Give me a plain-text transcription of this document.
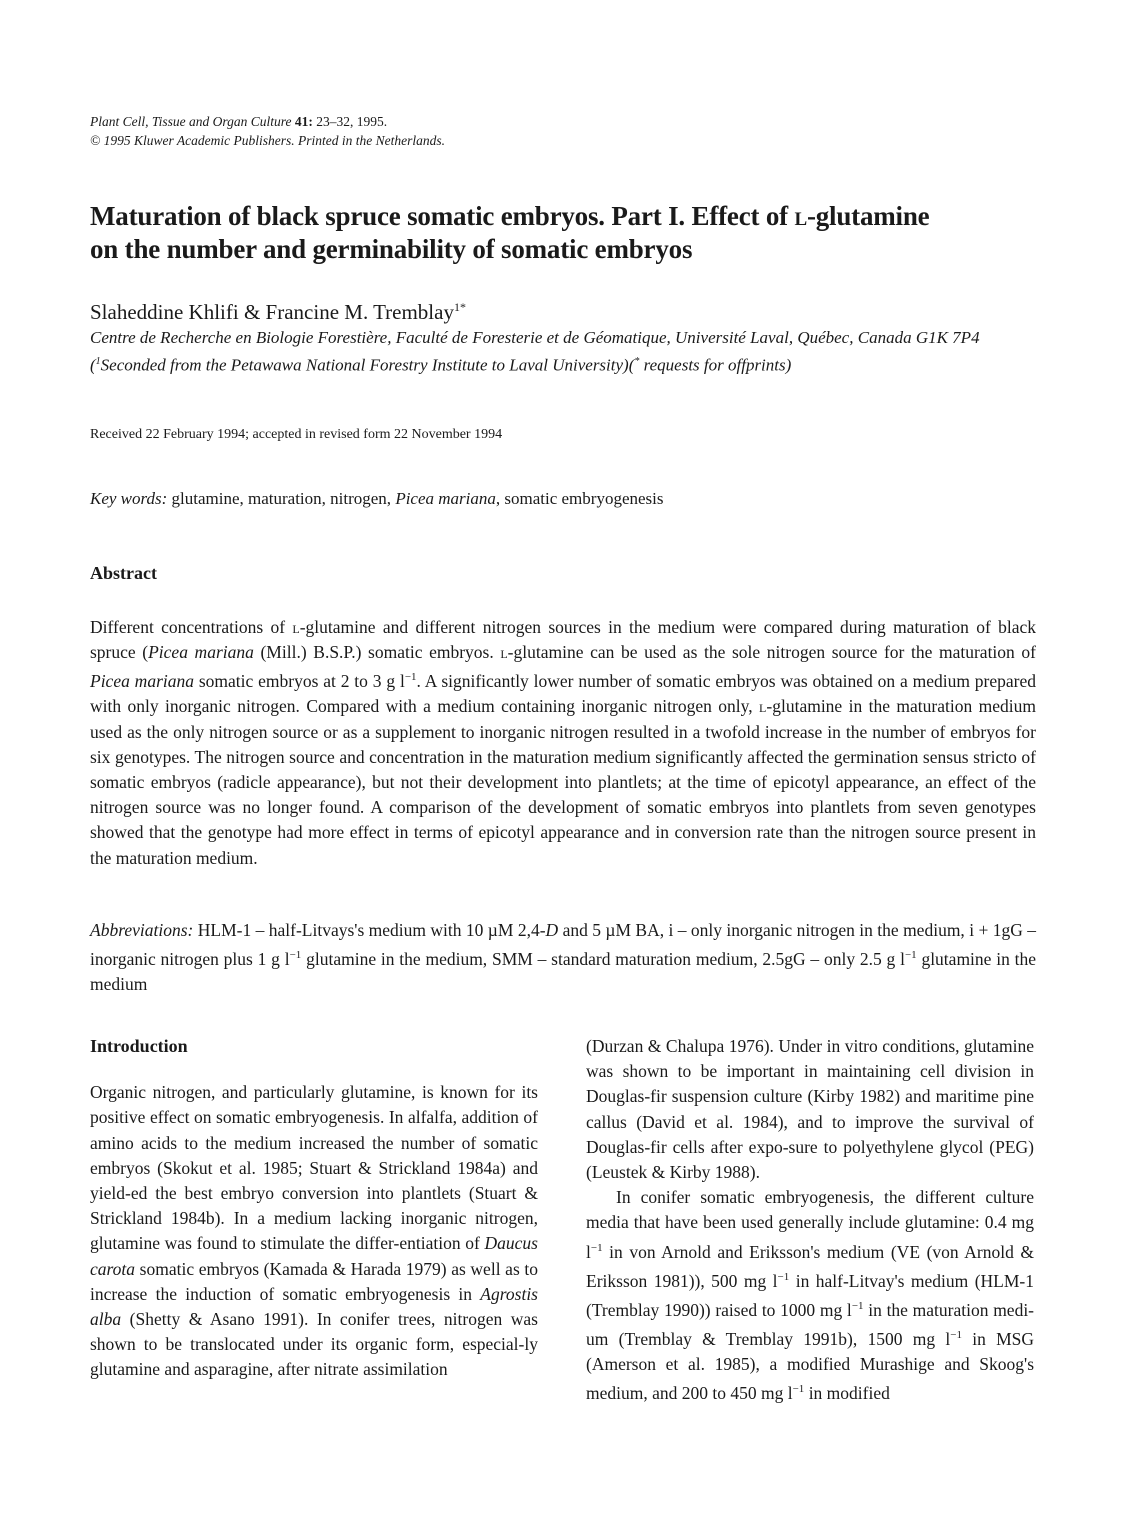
Plant Cell, Tissue and Organ Culture 41: 23–32, 1995.
© 1995 Kluwer Academic Publishers. Printed in the Netherlands.
Maturation of black spruce somatic embryos. Part I. Effect of l-glutamine
on the number and germinability of somatic embryos
Slaheddine Khlifi & Francine M. Tremblay$^{1*}$
Centre de Recherche en Biologie Forestière, Faculté de Foresterie et de Géomatique, Université Laval, Québec, Canada G1K 7P4 ($^1$Seconded from the Petawawa National Forestry Institute to Laval University)(* requests for offprints)
Received 22 February 1994; accepted in revised form 22 November 1994
Key words: glutamine, maturation, nitrogen, Picea mariana, somatic embryogenesis
Abstract
Different concentrations of l-glutamine and different nitrogen sources in the medium were compared during maturation of black spruce (Picea mariana (Mill.) B.S.P.) somatic embryos. l-glutamine can be used as the sole nitrogen source for the maturation of Picea mariana somatic embryos at 2 to 3 g $l^{-1}$. A significantly lower number of somatic embryos was obtained on a medium prepared with only inorganic nitrogen. Compared with a medium containing inorganic nitrogen only, l-glutamine in the maturation medium used as the only nitrogen source or as a supplement to inorganic nitrogen resulted in a twofold increase in the number of embryos for six genotypes. The nitrogen source and concentration in the maturation medium significantly affected the germination sensus stricto of somatic embryos (radicle appearance), but not their development into plantlets; at the time of epicotyl appearance, an effect of the nitrogen source was no longer found. A comparison of the development of somatic embryos into plantlets from seven genotypes showed that the genotype had more effect in terms of epicotyl appearance and in conversion rate than the nitrogen source present in the maturation medium.
Abbreviations: HLM-1 – half-Litvays's medium with 10 µM 2,4-D and 5 µM BA, i – only inorganic nitrogen in the medium, i + 1gG – inorganic nitrogen plus 1 g $l^{-1}$ glutamine in the medium, SMM – standard maturation medium, 2.5gG – only 2.5 g $l^{-1}$ glutamine in the medium
Introduction

Organic nitrogen, and particularly glutamine, is known for its positive effect on somatic embryogenesis. In alfalfa, addition of amino acids to the medium increased the number of somatic embryos (Skokut et al. 1985; Stuart & Strickland 1984a) and yield-ed the best embryo conversion into plantlets (Stuart & Strickland 1984b). In a medium lacking inorganic nitrogen, glutamine was found to stimulate the differ-entiation of Daucus carota somatic embryos (Kamada & Harada 1979) as well as to increase the induction of somatic embryogenesis in Agrostis alba (Shetty & Asano 1991). In conifer trees, nitrogen was shown to be translocated under its organic form, especial-ly glutamine and asparagine, after nitrate assimilation

(Durzan & Chalupa 1976). Under in vitro conditions, glutamine was shown to be important in maintaining cell division in Douglas-fir suspension culture (Kirby 1982) and maritime pine callus (David et al. 1984), and to improve the survival of Douglas-fir cells after expo-sure to polyethylene glycol (PEG) (Leustek & Kirby 1988).

In conifer somatic embryogenesis, the different culture media that have been used generally include glutamine: 0.4 mg $l^{-1}$ in von Arnold and Eriksson's medium (VE (von Arnold & Eriksson 1981)), 500 mg $l^{-1}$ in half-Litvay's medium (HLM-1 (Tremblay 1990)) raised to 1000 mg $l^{-1}$ in the maturation medi-um (Tremblay & Tremblay 1991b), 1500 mg $l^{-1}$ in MSG (Amerson et al. 1985), a modified Murashige and Skoog's medium, and 200 to 450 mg $l^{-1}$ in modified
